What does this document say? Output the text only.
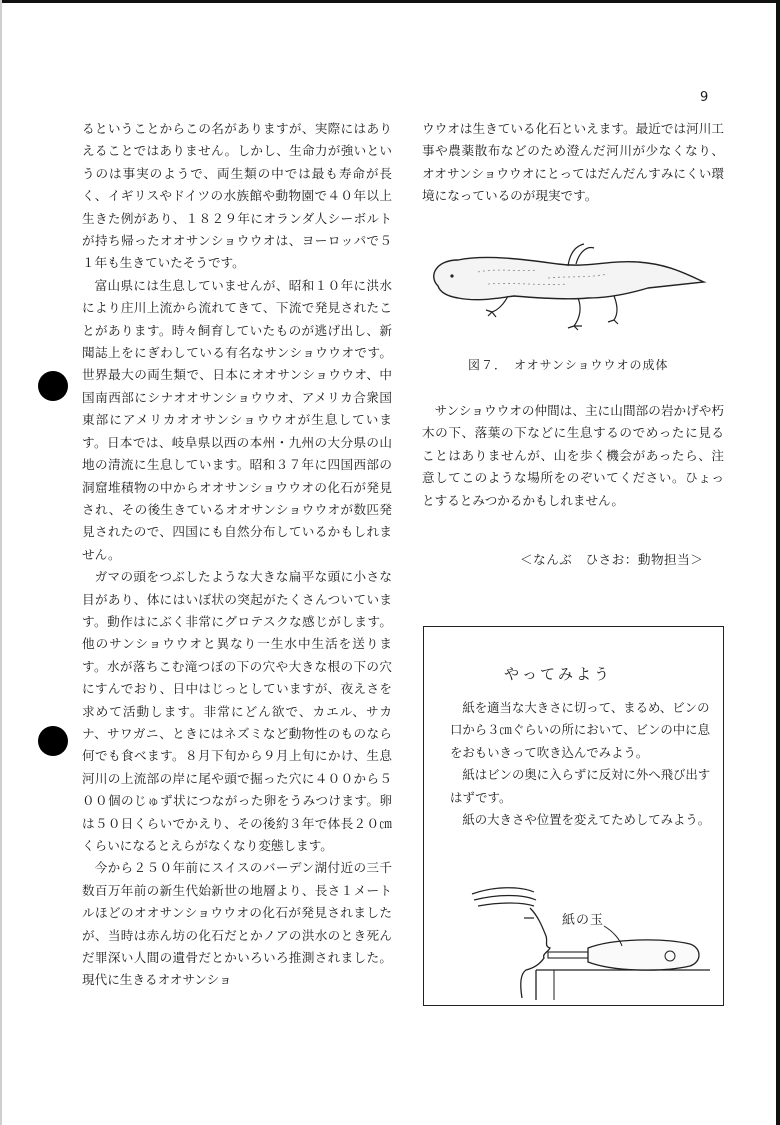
9

るということからこの名がありますが、実際にはありえることではありません。しかし、生命力が強いというのは事実のようで、両生類の中では最も寿命が長く、イギリスやドイツの水族館や動物園で４０年以上生きた例があり、１８２９年にオランダ人シーボルトが持ち帰ったオオサンショウウオは、ヨーロッパで５１年も生きていたそうです。

富山県には生息していませんが、昭和１０年に洪水により庄川上流から流れてきて、下流で発見されたことがあります。時々飼育していたものが逃げ出し、新聞誌上をにぎわしている有名なサンショウウオです。世界最大の両生類で、日本にオオサンショウウオ、中国南西部にシナオオサンショウウオ、アメリカ合衆国東部にアメリカオオサンショウウオが生息しています。日本では、岐阜県以西の本州・九州の大分県の山地の清流に生息しています。昭和３７年に四国西部の洞窟堆積物の中からオオサンショウウオの化石が発見され、その後生きているオオサンショウウオが数匹発見されたので、四国にも自然分布しているかもしれません。

ガマの頭をつぶしたような大きな扁平な頭に小さな目があり、体にはいぼ状の突起がたくさんついています。動作はにぶく非常にグロテスクな感じがします。他のサンショウウオと異なり一生水中生活を送ります。水が落ちこむ滝つぼの下の穴や大きな根の下の穴にすんでおり、日中はじっとしていますが、夜えさを求めて活動します。非常にどん欲で、カエル、サカナ、サワガニ、ときにはネズミなど動物性のものなら何でも食べます。８月下旬から９月上旬にかけ、生息河川の上流部の岸に尾や頭で掘った穴に４００から５００個のじゅず状につながった卵をうみつけます。卵は５０日くらいでかえり、その後約３年で体長２０㎝くらいになるとえらがなくなり変態します。

今から２５０年前にスイスのバーデン湖付近の三千数百万年前の新生代始新世の地層より、長さ１メートルほどのオオサンショウウオの化石が発見されましたが、当時は赤ん坊の化石だとかノアの洪水のとき死んだ罪深い人間の遺骨だとかいろいろ推測されました。現代に生きるオオサンショ

ウウオは生きている化石といえます。最近では河川工事や農薬散布などのため澄んだ河川が少なくなり、オオサンショウウオにとってはだんだんすみにくい環境になっているのが現実です。

図７．　オオサンショウウオの成体

サンショウウオの仲間は、主に山間部の岩かげや朽木の下、落葉の下などに生息するのでめったに見ることはありませんが、山を歩く機会があったら、注意してこのような場所をのぞいてください。ひょっとするとみつかるかもしれません。

＜なんぶ　ひさお：動物担当＞
やってみよう

紙を適当な大きさに切って、まるめ、ビンの口から３㎝ぐらいの所において、ビンの中に息をおもいきって吹き込んでみよう。

紙はビンの奥に入らずに反対に外へ飛び出すはずです。

紙の大きさや位置を変えてためしてみよう。

紙の玉
